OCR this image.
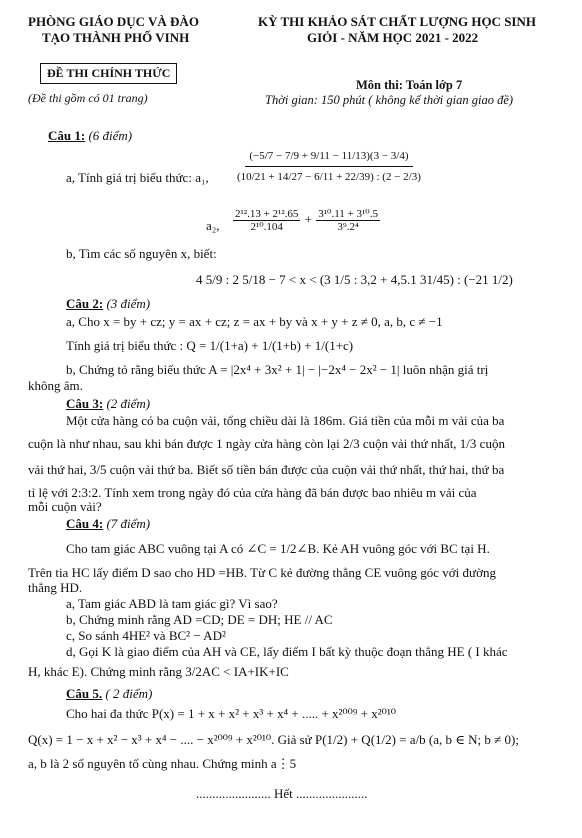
PHÒNG GIÁO DỤC VÀ ĐÀO
TẠO THÀNH PHỐ VINH
ĐỀ THI CHÍNH THỨC
(Đề thi gồm có 01 trang)
KỲ THI KHẢO SÁT CHẤT LƯỢNG HỌC SINH
GIỎI - NĂM HỌC 2021 - 2022
Môn thi: Toán lớp 7
Thời gian: 150 phút ( không kể thời gian giao đề)
Câu 1: (6 điểm)
a, Tính giá trị biểu thức: a₁, $\frac{(-5/7 - 7/9 + 9/11 - 11/13)(3 - 3/4)}{(10/21 + 14/27 - 6/11 + 22/39) : (2 - 2/3)}$
a₂, $\frac{\text{2¹².13 + 2¹².65}}{\text{2¹⁰.104}} + \frac{\text{3¹⁰.11 + 3¹⁰.5}}{\text{3⁹.2⁴}}$
b, Tìm các số nguyên x, biết:
4 5/9 : 2 5/18 − 7 < x < (3 1/5 : 3,2 + 4,5.1 31/45) : (−21 1/2)
Câu 2: (3 điểm)
a, Cho x = by + cz; y = ax + cz; z = ax + by và x + y + z ≠ 0, a, b, c ≠ −1
Tính giá trị biểu thức : Q = 1/(1+a) + 1/(1+b) + 1/(1+c)
b, Chứng tỏ rằng biểu thức A = |2x⁴ + 3x² + 1| − |−2x⁴ − 2x² − 1| luôn nhận giá trị
không âm.
Câu 3: (2 điểm)
Một cửa hàng có ba cuộn vải, tổng chiều dài là 186m. Giá tiền của mỗi m vải của ba
cuộn là như nhau, sau khi bán được 1 ngày cửa hàng còn lại 2/3 cuộn vải thứ nhất, 1/3 cuộn
vải thứ hai, 3/5 cuộn vải thứ ba. Biết số tiền bán được của cuộn vải thứ nhất, thứ hai, thứ ba
tỉ lệ với 2:3:2. Tính xem trong ngày đó của cửa hàng đã bán được bao nhiêu m vải của
mỗi cuộn vải?
Câu 4: (7 điểm)
Cho tam giác ABC vuông tại A có ∠C = 1/2∠B. Kẻ AH vuông góc với BC tại H.
Trên tia HC lấy điểm D sao cho HD =HB. Từ C kẻ đường thẳng CE vuông góc với đường
thẳng HD.
a, Tam giác ABD là tam giác gì? Vì sao?
b, Chứng minh rằng AD =CD; DE = DH; HE // AC
c, So sánh 4HE² và BC² − AD²
d, Gọi K là giao điểm của AH và CE, lấy điểm I bất kỳ thuộc đoạn thẳng HE ( I khác
H, khác E). Chứng minh rằng 3/2AC < IA+IK+IC
Câu 5. ( 2 điểm)
Cho hai đa thức P(x) = 1 + x + x² + x³ + x⁴ + ..... + x²⁰⁰⁹ + x²⁰¹⁰
Q(x) = 1 − x + x² − x³ + x⁴ − .... − x²⁰⁰⁹ + x²⁰¹⁰. Giả sử P(1/2) + Q(1/2) = a/b (a, b ∈ N; b ≠ 0);
a, b là 2 số nguyên tố cùng nhau. Chứng minh a⋮5
....................... Hết ......................
